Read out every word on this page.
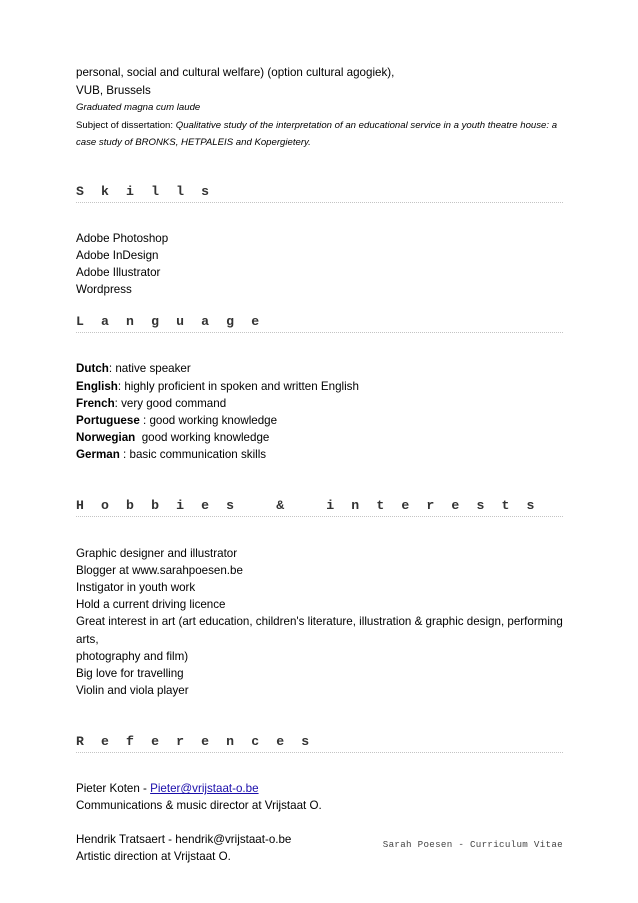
personal, social and cultural welfare) (option cultural agogiek),

VUB, Brussels

Graduated magna cum laude

Subject of dissertation: Qualitative study of the interpretation of an educational service in a youth theatre house: a

case study of BRONKS, HETPALEIS and Kopergietery.

S k i l l s
Adobe Photoshop
Adobe InDesign
Adobe Illustrator
Wordpress
L a n g u a g e
Dutch: native speaker
English: highly proficient in spoken and written English
French: very good command
Portuguese : good working knowledge
Norwegian good working knowledge
German : basic communication skills
H o b b i e s   &   i n t e r e s t s
Graphic designer and illustrator
Blogger at www.sarahpoesen.be
Instigator in youth work
Hold a current driving licence
Great interest in art (art education, children's literature, illustration & graphic design, performing arts,
photography and film)
Big love for travelling
Violin and viola player
R e f e r e n c e s

Pieter Koten - Pieter@vrijstaat-o.be

Communications & music director at Vrijstaat O.

Hendrik Tratsaert - hendrik@vrijstaat-o.be

Artistic direction at Vrijstaat O.

Sarah Poesen - Curriculum Vitae
